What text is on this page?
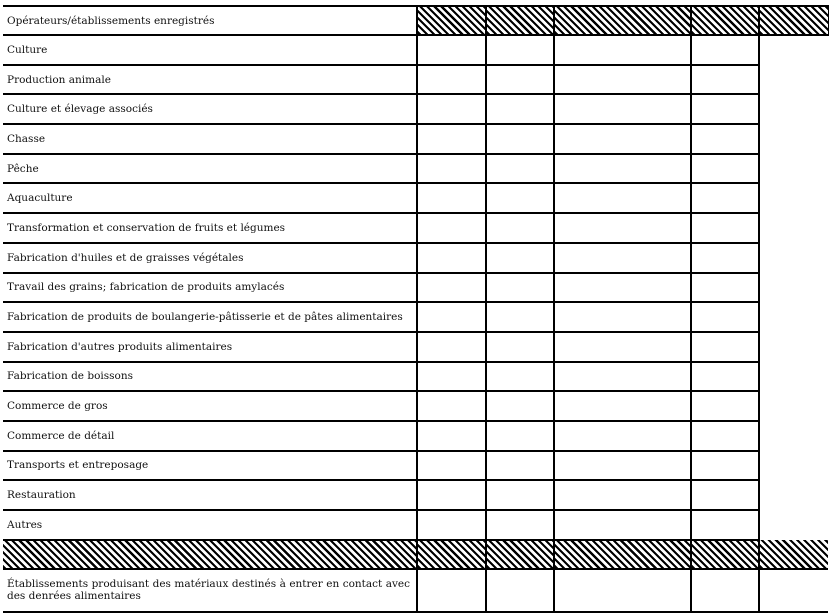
Opérateurs/établissements enregistrés					
Culture					
Production animale					
Culture et élevage associés					
Chasse					
Pêche					
Aquaculture					
Transformation et conservation de fruits et légumes					
Fabrication d'huiles et de graisses végétales					
Travail des grains; fabrication de produits amylacés					
Fabrication de produits de boulangerie-pâtisserie et de pâtes alimentaires					
Fabrication d'autres produits alimentaires					
Fabrication de boissons					
Commerce de gros					
Commerce de détail					
Transports et entreposage					
Restauration					
Autres					

Établissements produisant des matériaux destinés à entrer en contact avec des denrées alimentaires					
